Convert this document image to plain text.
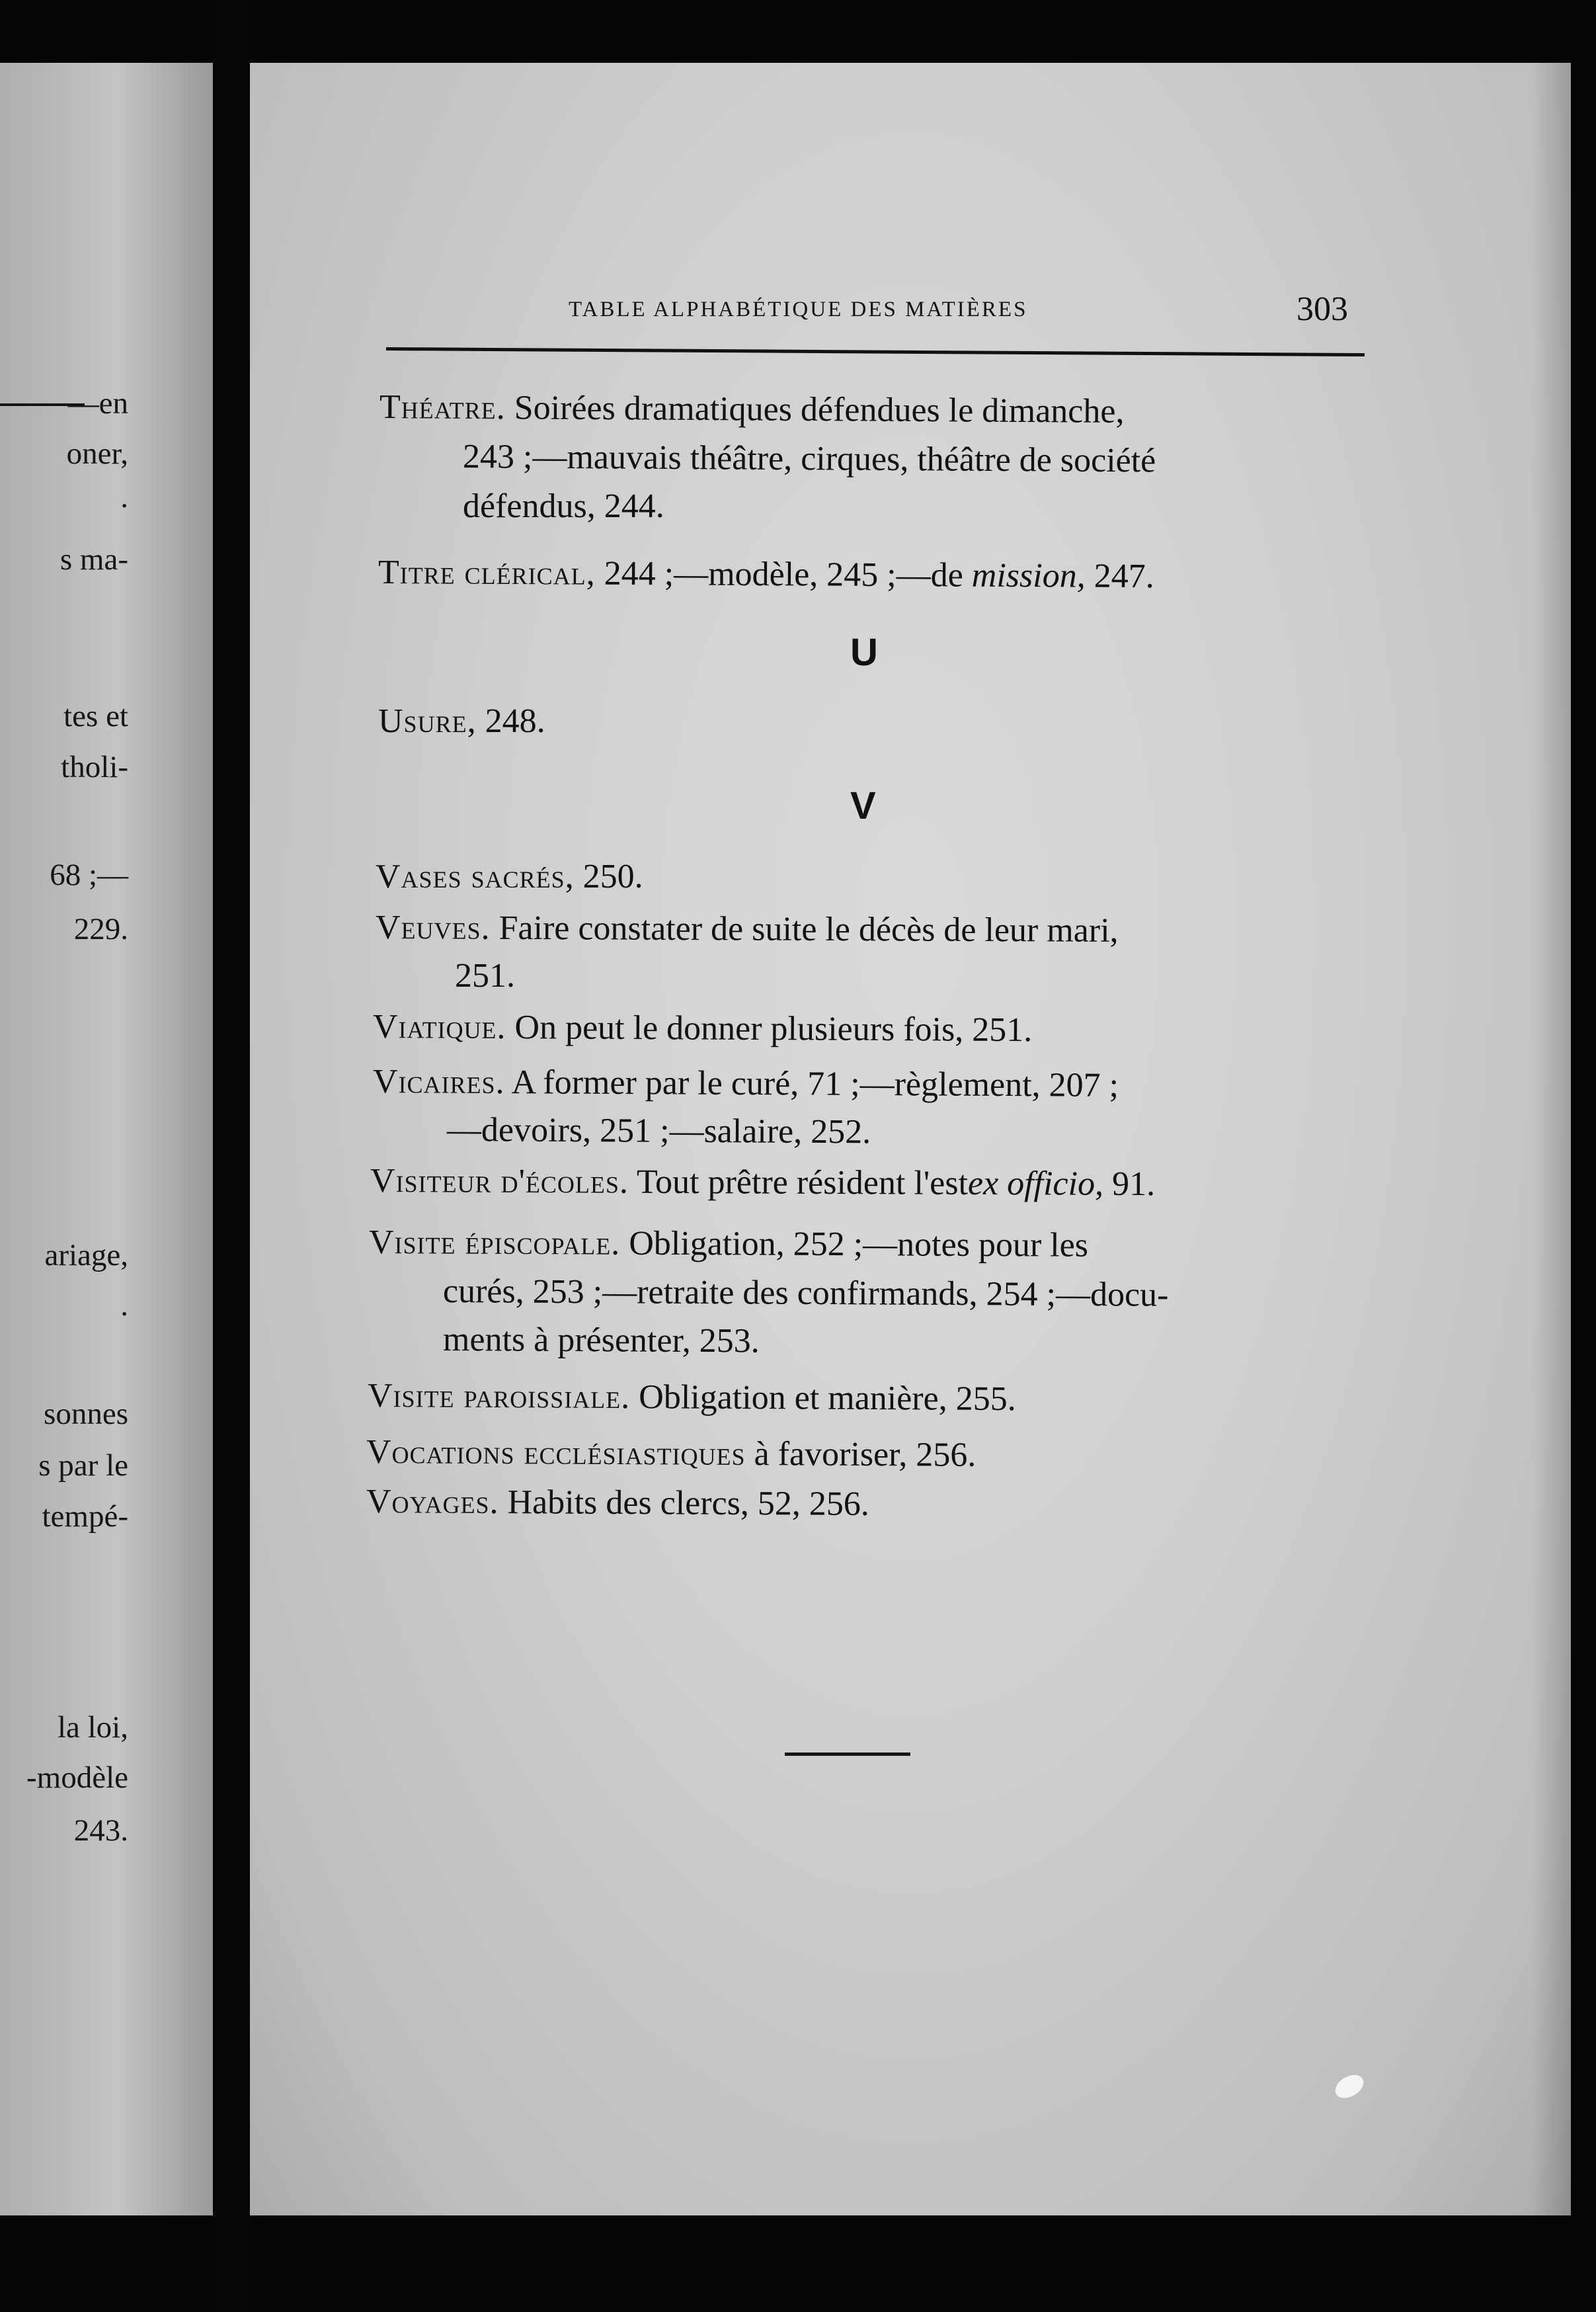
—en
oner,
.
s ma-
tes et
tholi-
68 ;—
229.
ariage,
.
sonnes
s par le
tempé-
la loi,
-modèle
243.
TABLE ALPHABÉTIQUE DES MATIÈRES	303
Théatre. Soirées dramatiques défendues le dimanche,
243 ;—mauvais théâtre, cirques, théâtre de société
défendus, 244.
Titre clérical, 244 ;—modèle, 245 ;—de mission, 247.
U
Usure, 248.
V
Vases sacrés, 250.
Veuves. Faire constater de suite le décès de leur mari,
251.
Viatique. On peut le donner plusieurs fois, 251.
Vicaires. A former par le curé, 71 ;—règlement, 207 ;
—devoirs, 251 ;—salaire, 252.
Visiteur d'écoles. Tout prêtre résident l'estex officio, 91.
Visite épiscopale. Obligation, 252 ;—notes pour les
curés, 253 ;—retraite des confirmands, 254 ;—docu-
ments à présenter, 253.
Visite paroissiale. Obligation et manière, 255.
Vocations ecclésiastiques à favoriser, 256.
Voyages. Habits des clercs, 52, 256.
